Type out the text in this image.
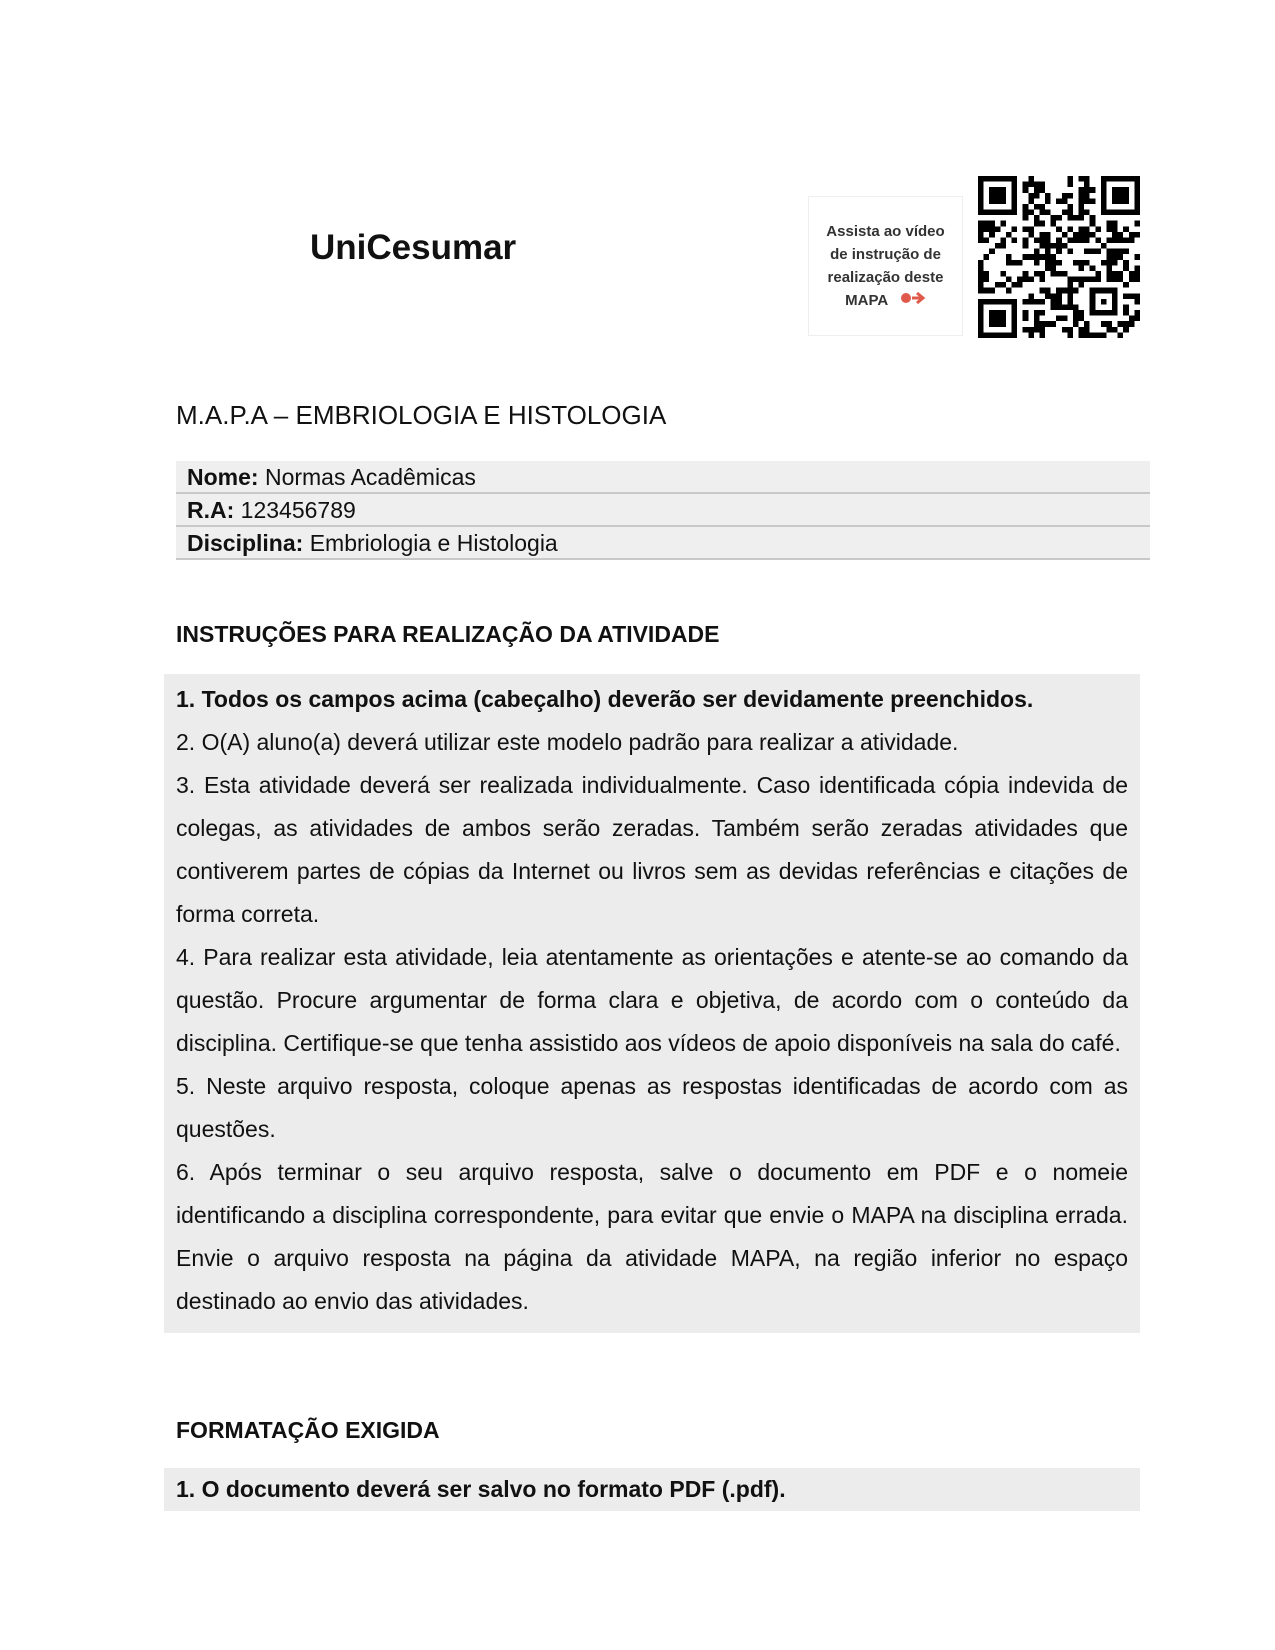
UniCesumar	Assista ao vídeo
de instrução de
realização deste
MAPA
M.A.P.A – EMBRIOLOGIA E HISTOLOGIA
Nome: Normas Acadêmicas
R.A: 123456789
Disciplina: Embriologia e Histologia
INSTRUÇÕES PARA REALIZAÇÃO DA ATIVIDADE

1. Todos os campos acima (cabeçalho) deverão ser devidamente preenchidos.

2. O(A) aluno(a) deverá utilizar este modelo padrão para realizar a atividade.

3. Esta atividade deverá ser realizada individualmente. Caso identificada cópia indevida de colegas, as atividades de ambos serão zeradas. Também serão zeradas atividades que contiverem partes de cópias da Internet ou livros sem as devidas referências e citações de forma correta.

4. Para realizar esta atividade, leia atentamente as orientações e atente-se ao comando da questão. Procure argumentar de forma clara e objetiva, de acordo com o conteúdo da disciplina. Certifique-se que tenha assistido aos vídeos de apoio disponíveis na sala do café.

5. Neste arquivo resposta, coloque apenas as respostas identificadas de acordo com as questões.

6. Após terminar o seu arquivo resposta, salve o documento em PDF e o nomeie identificando a disciplina correspondente, para evitar que envie o MAPA na disciplina errada. Envie o arquivo resposta na página da atividade MAPA, na região inferior no espaço destinado ao envio das atividades.

FORMATAÇÃO EXIGIDA

1. O documento deverá ser salvo no formato PDF (.pdf).
